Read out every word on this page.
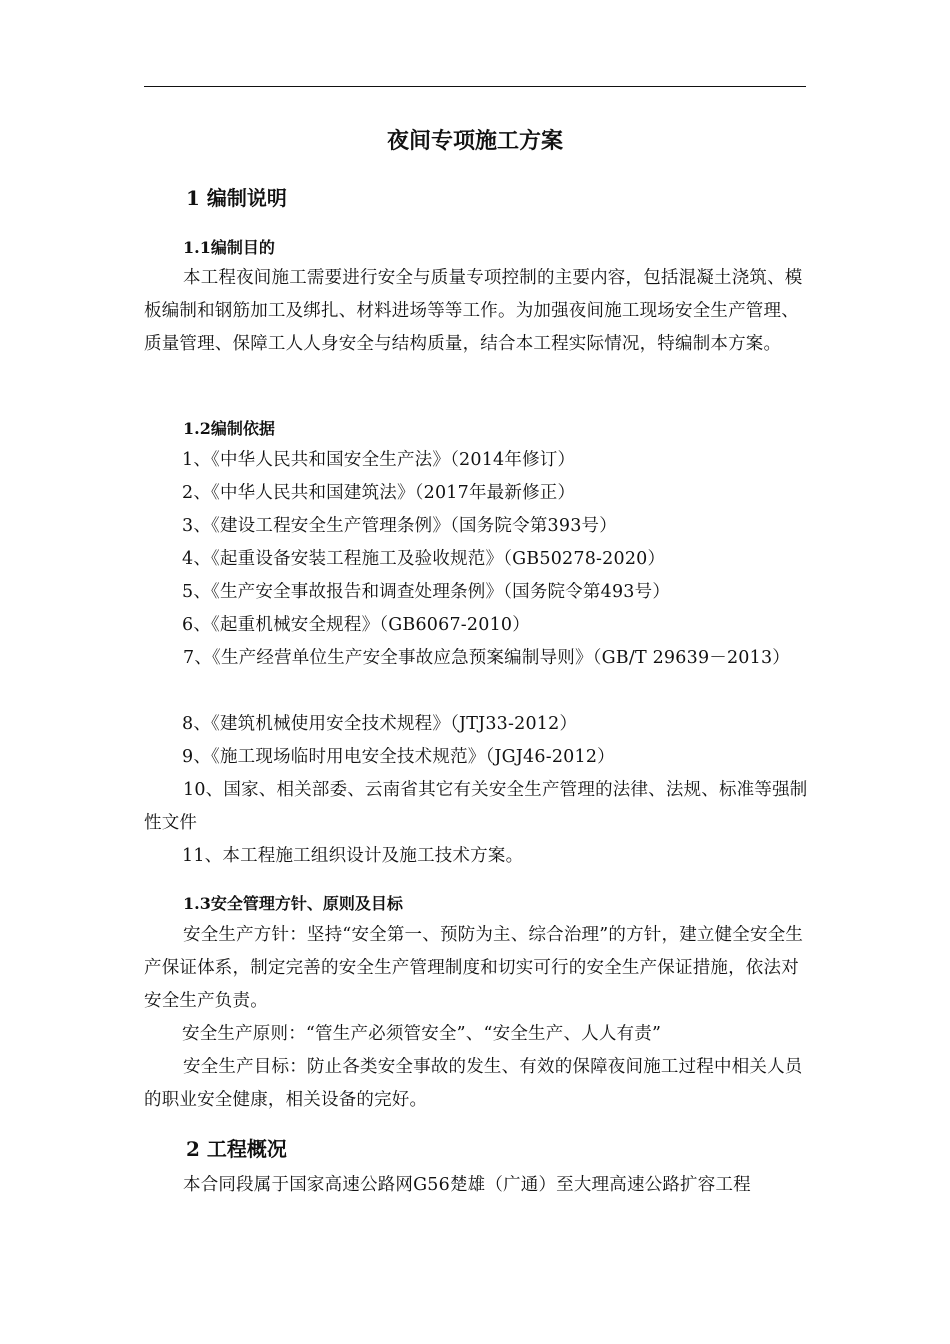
夜间专项施工方案
1 编制说明
1.1编制目的

本工程夜间施工需要进行安全与质量专项控制的主要内容，包括混凝土浇筑、模板编制和钢筋加工及绑扎、材料进场等等工作。为加强夜间施工现场安全生产管理、质量管理、保障工人人身安全与结构质量，结合本工程实际情况，特编制本方案。

1.2编制依据

1、《中华人民共和国安全生产法》（2014年修订）

2、《中华人民共和国建筑法》（2017年最新修正）

3、《建设工程安全生产管理条例》（国务院令第393号）

4、《起重设备安装工程施工及验收规范》（GB50278-2020）

5、《生产安全事故报告和调查处理条例》（国务院令第493号）

6、《起重机械安全规程》（GB6067-2010）

7、《生产经营单位生产安全事故应急预案编制导则》（GB/T 29639－2013）

8、《建筑机械使用安全技术规程》（JTJ33-2012）

9、《施工现场临时用电安全技术规范》（JGJ46-2012）

10、国家、相关部委、云南省其它有关安全生产管理的法律、法规、标准等强制性文件

11、本工程施工组织设计及施工技术方案。

1.3安全管理方针、原则及目标

安全生产方针：坚持“安全第一、预防为主、综合治理”的方针，建立健全安全生产保证体系，制定完善的安全生产管理制度和切实可行的安全生产保证措施，依法对安全生产负责。

安全生产原则：“管生产必须管安全”、“安全生产、人人有责”

安全生产目标：防止各类安全事故的发生、有效的保障夜间施工过程中相关人员的职业安全健康，相关设备的完好。

2 工程概况

本合同段属于国家高速公路网G56楚雄（广通）至大理高速公路扩容工程
